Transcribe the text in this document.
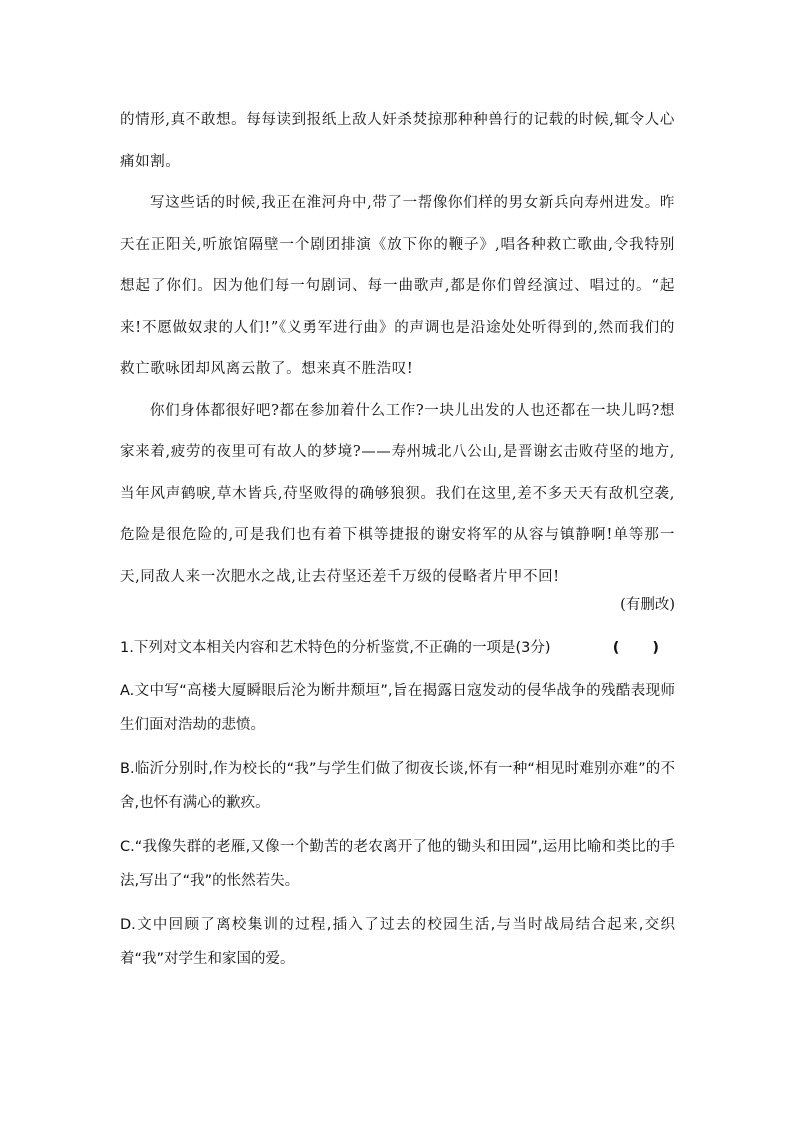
的情形,真不敢想。每每读到报纸上敌人奸杀焚掠那种种兽行的记载的时候,辄令人心痛如割。

写这些话的时候,我正在淮河舟中,带了一帮像你们样的男女新兵向寿州进发。昨天在正阳关,听旅馆隔壁一个剧团排演《放下你的鞭子》,唱各种救亡歌曲,令我特别想起了你们。因为他们每一句剧词、每一曲歌声,都是你们曾经演过、唱过的。“起来!不愿做奴隶的人们!”《义勇军进行曲》的声调也是沿途处处听得到的,然而我们的救亡歌咏团却风离云散了。想来真不胜浩叹!

你们身体都很好吧?都在参加着什么工作?一块儿出发的人也还都在一块儿吗?想家来着,疲劳的夜里可有故人的梦境?——寿州城北八公山,是晋谢玄击败苻坚的地方,当年风声鹤唳,草木皆兵,苻坚败得的确够狼狈。我们在这里,差不多天天有敌机空袭,危险是很危险的,可是我们也有着下棋等捷报的谢安将军的从容与镇静啊!单等那一天,同敌人来一次肥水之战,让去苻坚还差千万级的侵略者片甲不回!

(有删改)
1.下列对文本相关内容和艺术特色的分析鉴赏,不正确的一项是(3分)	( )

A.文中写“高楼大厦瞬眼后沦为断井颓垣”,旨在揭露日寇发动的侵华战争的残酷表现师生们面对浩劫的悲愤。

B.临沂分别时,作为校长的“我”与学生们做了彻夜长谈,怀有一种“相见时难别亦难”的不舍,也怀有满心的歉疚。

C.“我像失群的老雁,又像一个勤苦的老农离开了他的锄头和田园”,运用比喻和类比的手法,写出了“我”的怅然若失。

D.文中回顾了离校集训的过程,插入了过去的校园生活,与当时战局结合起来,交织着“我”对学生和家国的爱。
